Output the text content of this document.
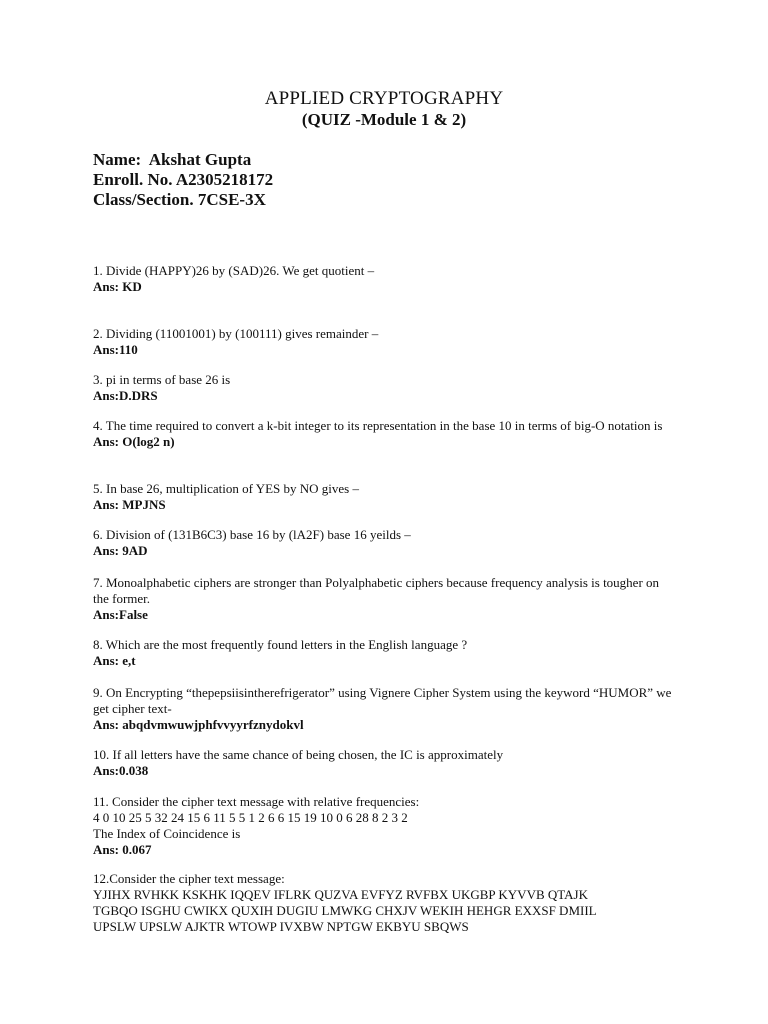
APPLIED CRYPTOGRAPHY
(QUIZ -Module 1 & 2)
Name:  Akshat Gupta
Enroll. No. A2305218172
Class/Section. 7CSE-3X
1. Divide (HAPPY)26 by (SAD)26. We get quotient –
Ans: KD
2. Dividing (11001001) by (100111) gives remainder –
Ans:110
3. pi in terms of base 26 is
Ans:D.DRS
4. The time required to convert a k-bit integer to its representation in the base 10 in terms of big-O notation is
Ans: O(log2 n)
5. In base 26, multiplication of YES by NO gives –
Ans: MPJNS
6. Division of (131B6C3) base 16 by (lA2F) base 16 yeilds –
Ans: 9AD
7. Monoalphabetic ciphers are stronger than Polyalphabetic ciphers because frequency analysis is tougher on the former.
Ans:False
8. Which are the most frequently found letters in the English language ?
Ans: e,t
9. On Encrypting “thepepsiisintherefrigerator” using Vignere Cipher System using the keyword “HUMOR” we get cipher text-
Ans: abqdvmwuwjphfvvyyrfznydokvl
10. If all letters have the same chance of being chosen, the IC is approximately
Ans:0.038
11. Consider the cipher text message with relative frequencies:
4 0 10 25 5 32 24 15 6 11 5 5 1 2 6 6 15 19 10 0 6 28 8 2 3 2
The Index of Coincidence is
Ans: 0.067
12.Consider the cipher text message:
YJIHX RVHKK KSKHK IQQEV IFLRK QUZVA EVFYZ RVFBX UKGBP KYVVB QTAJK
TGBQO ISGHU CWIKX QUXIH DUGIU LMWKG CHXJV WEKIH HEHGR EXXSF DMIIL
UPSLW UPSLW AJKTR WTOWP IVXBW NPTGW EKBYU SBQWS
